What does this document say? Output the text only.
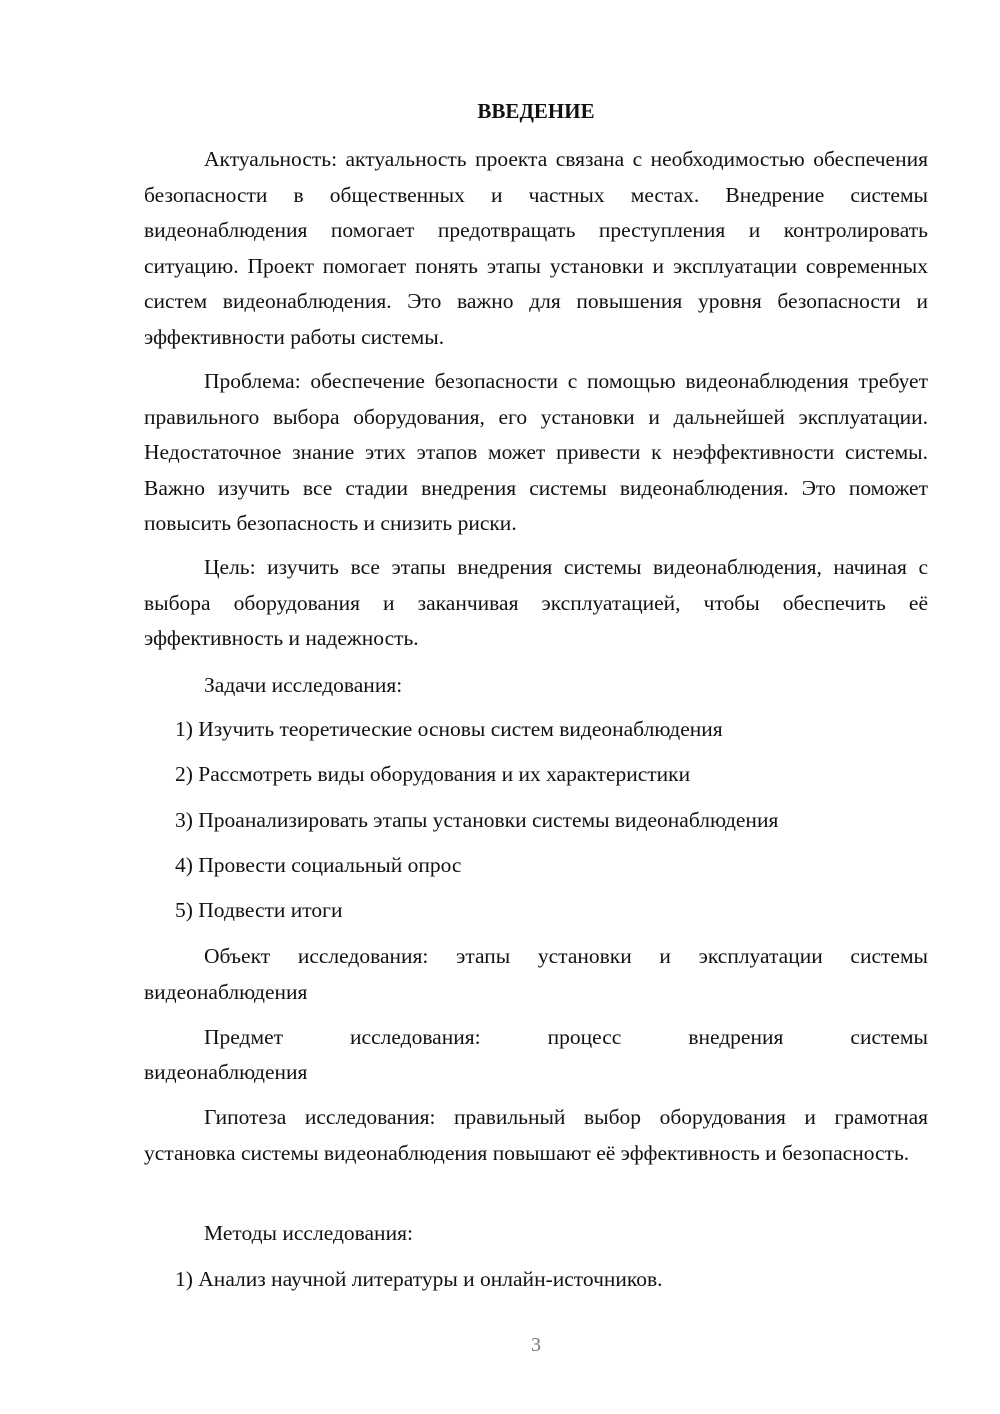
ВВЕДЕНИЕ

Актуальность: актуальность проекта связана с необходимостью обеспечения безопасности в общественных и частных местах. Внедрение системы видеонаблюдения помогает предотвращать преступления и контролировать ситуацию. Проект помогает понять этапы установки и эксплуатации современных систем видеонаблюдения. Это важно для повышения уровня безопасности и эффективности работы системы.

Проблема: обеспечение безопасности с помощью видеонаблюдения требует правильного выбора оборудования, его установки и дальнейшей эксплуатации. Недостаточное знание этих этапов может привести к неэффективности системы. Важно изучить все стадии внедрения системы видеонаблюдения. Это поможет повысить безопасность и снизить риски.

Цель: изучить все этапы внедрения системы видеонаблюдения, начиная с выбора оборудования и заканчивая эксплуатацией, чтобы обеспечить её эффективность и надежность.

Задачи исследования:
1) Изучить теоретические основы систем видеонаблюдения
2) Рассмотреть виды оборудования и их характеристики
3) Проанализировать этапы установки системы видеонаблюдения
4) Провести социальный опрос
5) Подвести итоги

Объект исследования: этапы установки и эксплуатации системы видеонаблюдения

Предмет	исследования:	процесс	внедрения	системы
видеонаблюдения

Гипотеза исследования: правильный выбор оборудования и грамотная установка системы видеонаблюдения повышают её эффективность и безопасность.

Методы исследования:
1) Анализ научной литературы и онлайн-источников.
3
